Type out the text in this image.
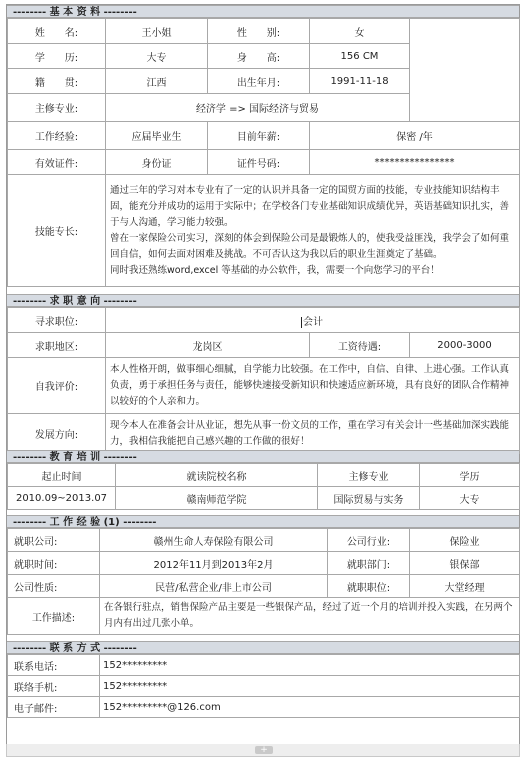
-------- 基 本 资 料 --------
姓　　名:	王小姐	性　　别:	女	
学　　历:	大专	身　　高:	156 CM	
籍　　贯:	江西	出生年月:	1991-11-18	
主修专业:	经济学 => 国际经济与贸易			
工作经验:	应届毕业生	目前年薪:	保密 /年	
有效证件:	身份证	证件号码:	****************	
技能专长:	通过三年的学习对本专业有了一定的认识并具备一定的国贸方面的技能，专业技能知识结构丰固，能充分并成功的运用于实际中；在学校各门专业基础知识成绩优异，英语基础知识扎实，善于与人沟通，学习能力较强。
曾在一家保险公司实习，深刻的体会到保险公司是最锻炼人的，使我受益匪浅，我学会了如何重回自信，如何去面对困难及挑战。不可否认这为我以后的职业生涯奠定了基础。
同时我还熟练word,excel 等基础的办公软件，我，需要一个向您学习的平台！			
-------- 求 职 意 向 --------
寻求职位:	会计		
求职地区:	龙岗区	工资待遇:	2000-3000
自我评价:	本人性格开朗，做事细心细腻，自学能力比较强。在工作中，自信、自律、上进心强。工作认真负责，勇于承担任务与责任，能够快速接受新知识和快速适应新环境，具有良好的团队合作精神以较好的个人亲和力。		
发展方向:	现今本人在准备会计从业证，想先从事一份文员的工作，重在学习有关会计一些基础加深实践能力，我相信我能把自己感兴趣的工作做的很好！		
-------- 教 育 培 训 --------
起止时间	就读院校名称	主修专业	学历
2010.09~2013.07	赣南师范学院	国际贸易与实务	大专
-------- 工 作 经 验 (1) --------
就职公司:	赣州生命人寿保险有限公司	公司行业:	保险业
就职时间:	2012年11月到2013年2月	就职部门:	银保部
公司性质:	民营/私营企业/非上市公司	就职职位:	大堂经理
工作描述:	在各银行驻点，销售保险产品主要是一些银保产品，经过了近一个月的培训并投入实践，在另两个月内有出过几张小单。		
-------- 联 系 方 式 --------
联系电话:	152*********
联络手机:	152*********
电子邮件:	152*********@126.com
+
